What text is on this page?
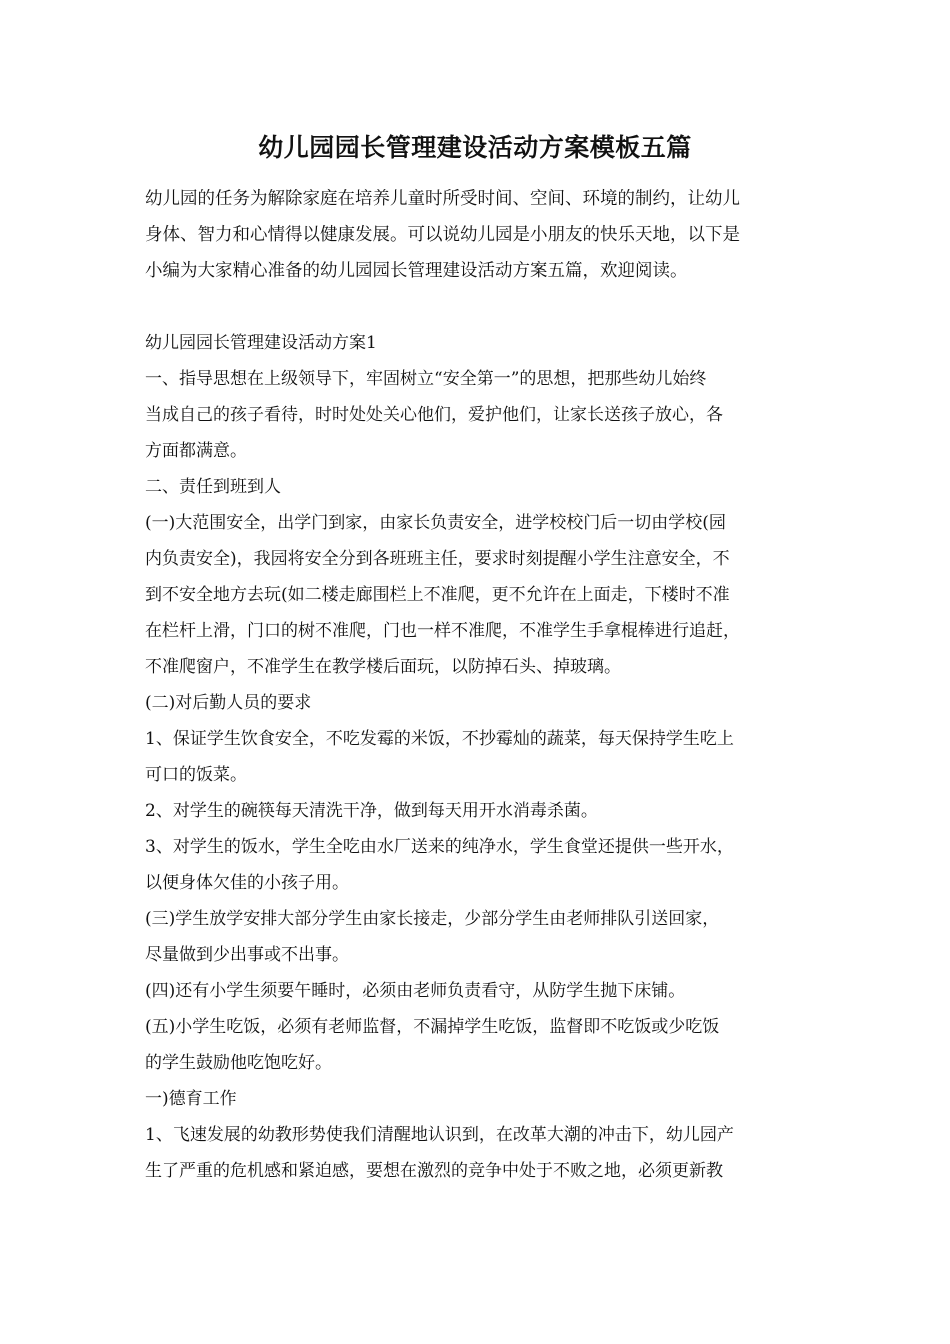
幼儿园园长管理建设活动方案模板五篇
幼儿园的任务为解除家庭在培养儿童时所受时间、空间、环境的制约，让幼儿
身体、智力和心情得以健康发展。可以说幼儿园是小朋友的快乐天地，以下是
小编为大家精心准备的幼儿园园长管理建设活动方案五篇，欢迎阅读。
幼儿园园长管理建设活动方案1
一、指导思想在上级领导下，牢固树立“安全第一”的思想，把那些幼儿始终
当成自己的孩子看待，时时处处关心他们，爱护他们，让家长送孩子放心，各
方面都满意。
二、责任到班到人
(一)大范围安全，出学门到家，由家长负责安全，进学校校门后一切由学校(园
内负责安全)，我园将安全分到各班班主任，要求时刻提醒小学生注意安全，不
到不安全地方去玩(如二楼走廊围栏上不准爬，更不允许在上面走，下楼时不准
在栏杆上滑，门口的树不准爬，门也一样不准爬，不准学生手拿棍棒进行追赶，
不准爬窗户，不准学生在教学楼后面玩，以防掉石头、掉玻璃。
(二)对后勤人员的要求
1、保证学生饮食安全，不吃发霉的米饭，不抄霉灿的蔬菜，每天保持学生吃上
可口的饭菜。
2、对学生的碗筷每天清洗干净，做到每天用开水消毒杀菌。
3、对学生的饭水，学生全吃由水厂送来的纯净水，学生食堂还提供一些开水，
以便身体欠佳的小孩子用。
(三)学生放学安排大部分学生由家长接走，少部分学生由老师排队引送回家，
尽量做到少出事或不出事。
(四)还有小学生须要午睡时，必须由老师负责看守，从防学生抛下床铺。
(五)小学生吃饭，必须有老师监督，不漏掉学生吃饭，监督即不吃饭或少吃饭
的学生鼓励他吃饱吃好。
一)德育工作
1、飞速发展的幼教形势使我们清醒地认识到，在改革大潮的冲击下，幼儿园产
生了严重的危机感和紧迫感，要想在激烈的竞争中处于不败之地，必须更新教
